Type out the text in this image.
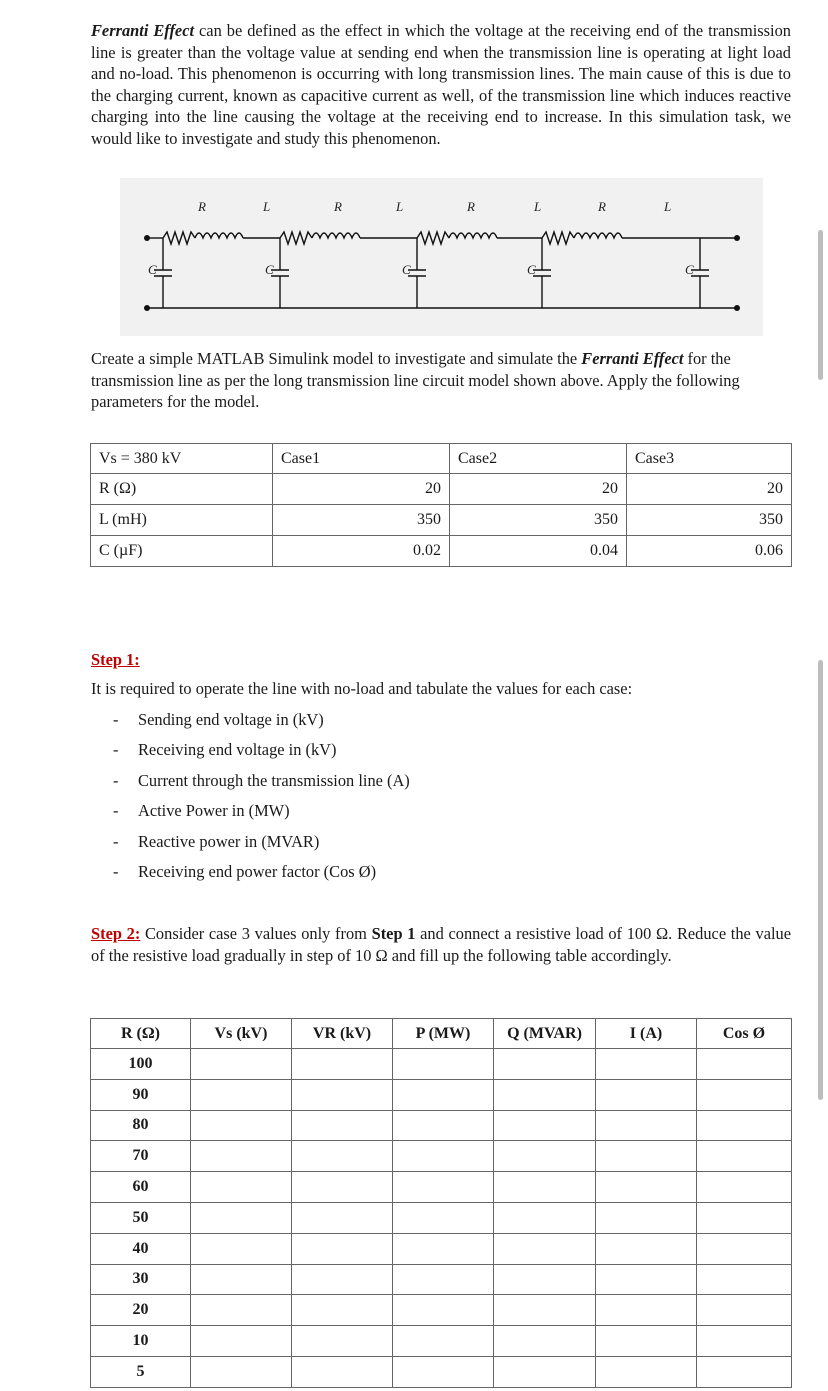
Ferranti Effect can be defined as the effect in which the voltage at the receiving end of the transmission line is greater than the voltage value at sending end when the transmission line is operating at light load and no-load. This phenomenon is occurring with long transmission lines. The main cause of this is due to the charging current, known as capacitive current as well, of the transmission line which induces reactive charging into the line causing the voltage at the receiving end to increase. In this simulation task, we would like to investigate and study this phenomenon.

R	L	R	L	R	L	R	L
C	C	C	C	C

Create a simple MATLAB Simulink model to investigate and simulate the Ferranti Effect for the transmission line as per the long transmission line circuit model shown above. Apply the following parameters for the model.

Vs = 380 kV	Case1	Case2	Case3
R (Ω)	20	20	20
L (mH)	350	350	350
C (µF)	0.02	0.04	0.06
Step 1:
It is required to operate the line with no-load and tabulate the values for each case:
- Sending end voltage in (kV)
- Receiving end voltage in (kV)
- Current through the transmission line (A)
- Active Power in (MW)
- Reactive power in (MVAR)
- Receiving end power factor (Cos Ø)

Step 2: Consider case 3 values only from Step 1 and connect a resistive load of 100 Ω. Reduce the value of the resistive load gradually in step of 10 Ω and fill up the following table accordingly.

R (Ω)	Vs (kV)	VR (kV)	P (MW)	Q (MVAR)	I (A)	Cos Ø
100						
90						
80						
70						
60						
50						
40						
30						
20						
10						
5						
